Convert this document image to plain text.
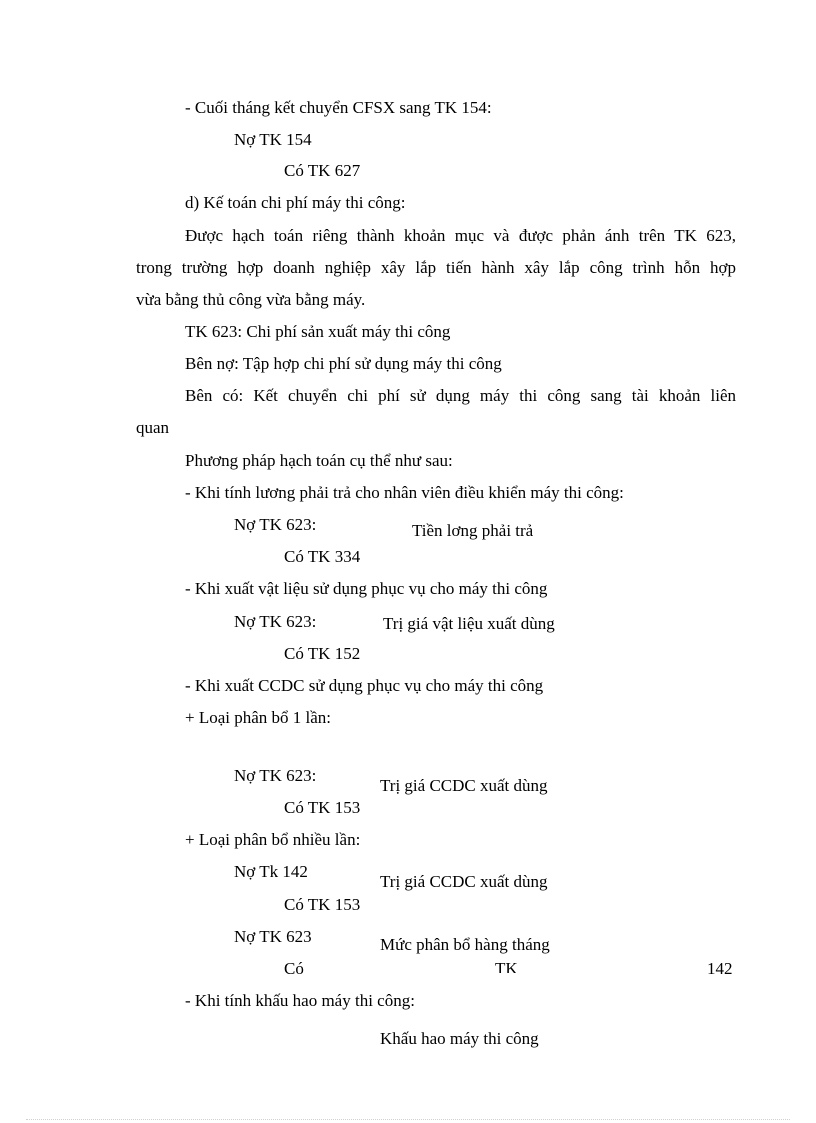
- Cuối tháng kết chuyển CFSX sang TK 154:
Nợ TK 154
Có TK 627
d) Kế toán chi phí máy thi công:
Được hạch toán riêng thành khoản mục và được phản ánh trên TK 623,
trong trường hợp doanh nghiệp xây lắp tiến hành xây lắp công trình hỗn hợp
vừa bằng thủ công vừa bằng máy.
TK 623: Chi phí sản xuất máy thi công
Bên nợ: Tập hợp chi phí sử dụng máy thi công
Bên có: Kết chuyển chi phí sử dụng máy thi công sang tài khoản liên
quan
Phương pháp hạch toán cụ thể như sau:
- Khi tính lương phải trả cho nhân viên điều khiển máy thi công:
Nợ TK 623:	Tiền lơng phải trả
Có TK 334
- Khi xuất vật liệu sử dụng phục vụ cho máy thi công
Nợ TK 623:	Trị giá vật liệu xuất dùng
Có TK 152
- Khi xuất CCDC sử dụng phục vụ cho máy thi công
+ Loại phân bổ 1 lần:
Nợ TK 623:
Trị giá CCDC xuất dùng
Có TK 153
+ Loại phân bổ nhiều lần:
Nợ Tk 142
Trị giá CCDC xuất dùng
Có TK 153
Nợ TK 623	Mức phân bổ hàng tháng
Có	TK	142
- Khi tính khấu hao máy thi công:
Khấu hao máy thi công
